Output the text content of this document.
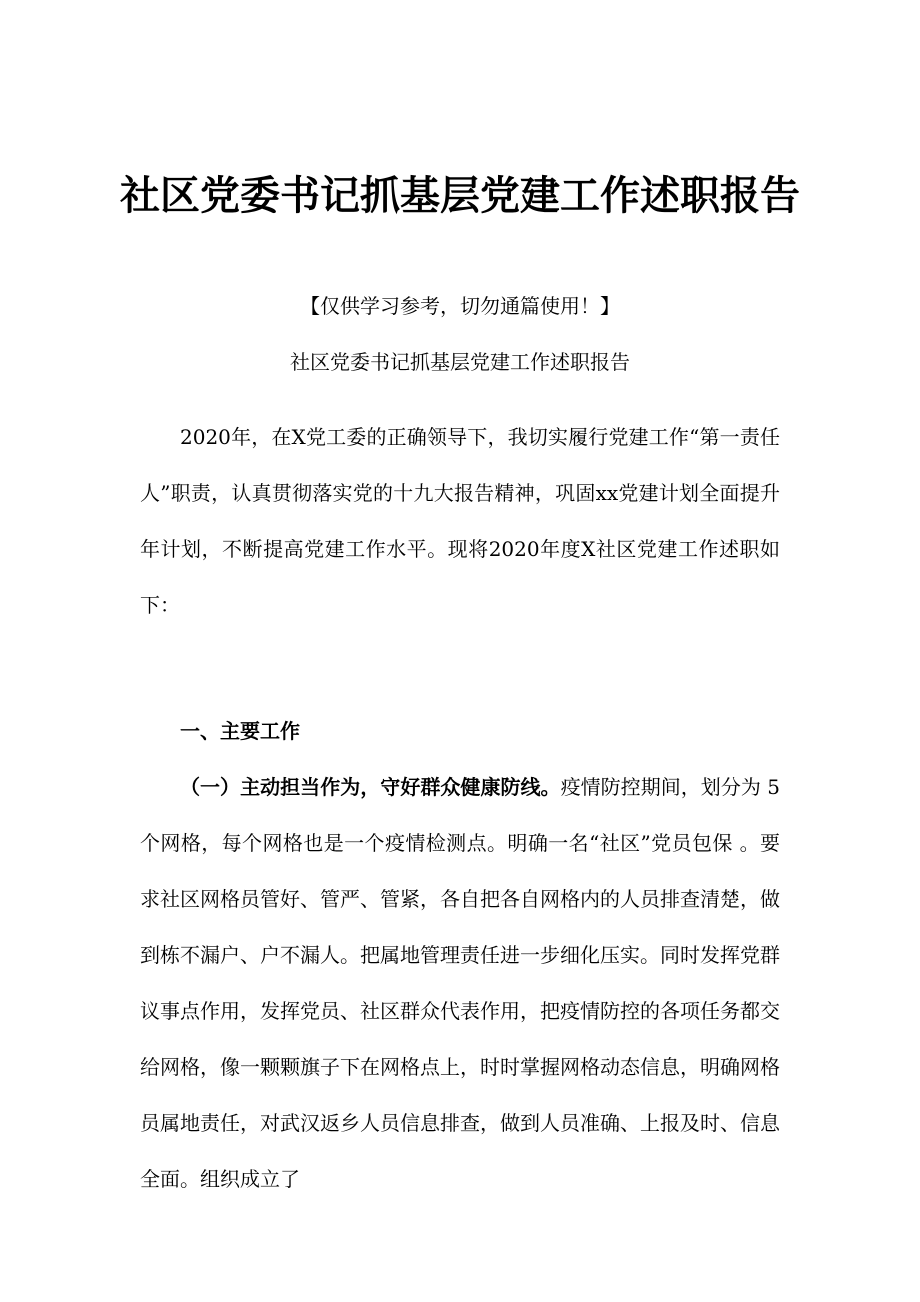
社区党委书记抓基层党建工作述职报告
【仅供学习参考，切勿通篇使用！】
社区党委书记抓基层党建工作述职报告

2020年，在X党工委的正确领导下，我切实履行党建工作“第一责任人”职责，认真贯彻落实党的十九大报告精神，巩固xx党建计划全面提升年计划，不断提高党建工作水平。现将2020年度X社区党建工作述职如下：

一、主要工作

（一）主动担当作为，守好群众健康防线。疫情防控期间，划分为 5个网格，每个网格也是一个疫情检测点。明确一名“社区”党员包保 。要求社区网格员管好、管严、管紧，各自把各自网格内的人员排查清楚，做到栋不漏户、户不漏人。把属地管理责任进一步细化压实。同时发挥党群议事点作用，发挥党员、社区群众代表作用，把疫情防控的各项任务都交给网格，像一颗颗旗子下在网格点上，时时掌握网格动态信息，明确网格员属地责任，对武汉返乡人员信息排查，做到人员准确、上报及时、信息全面。组织成立了
